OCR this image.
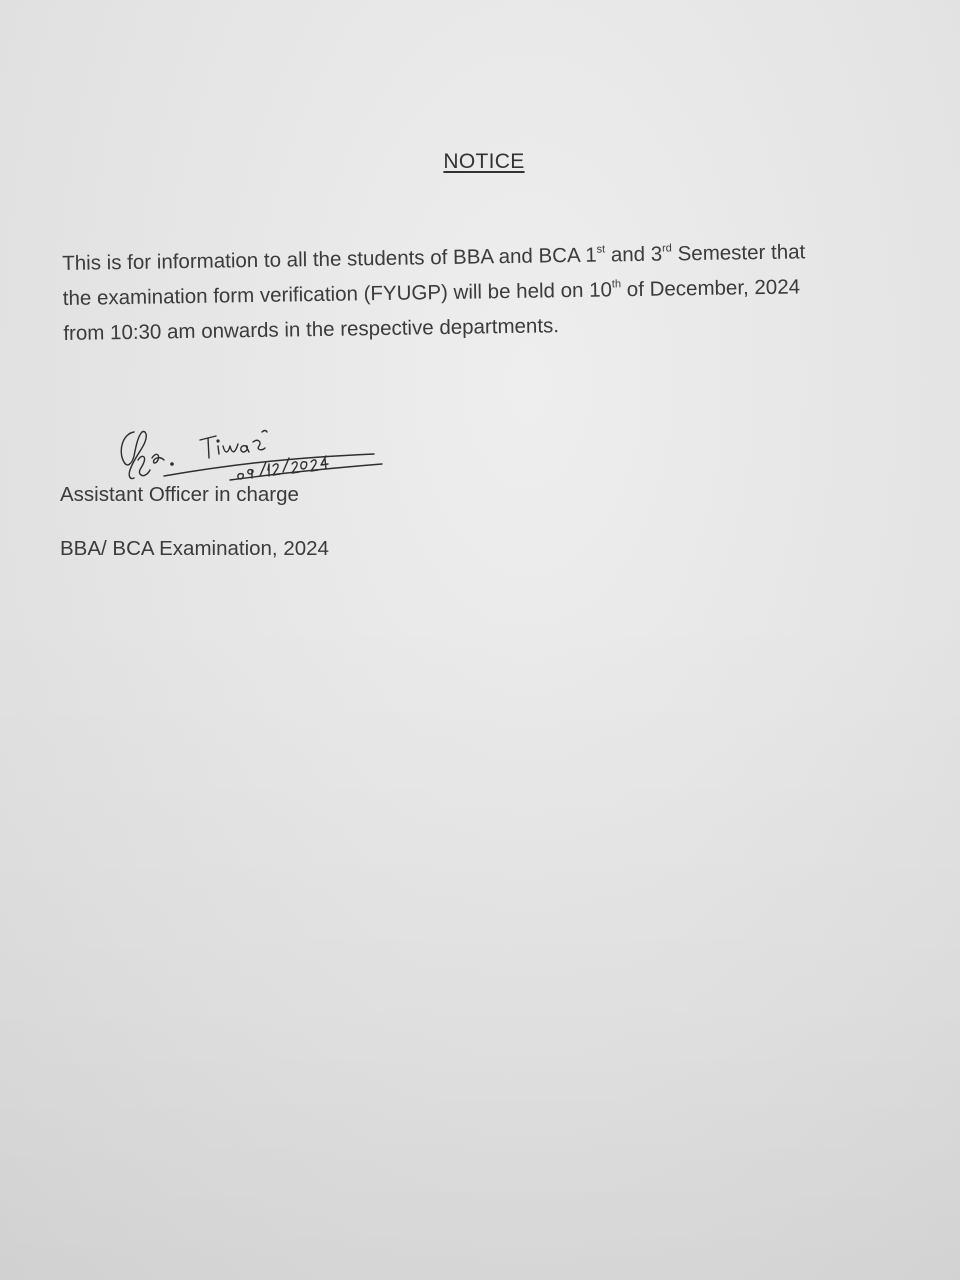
NOTICE
This is for information to all the students of BBA and BCA 1st and 3rd Semester that
the examination form verification (FYUGP) will be held on 10th of December, 2024
from 10:30 am onwards in the respective departments.
Assistant Officer in charge
BBA/ BCA Examination, 2024
